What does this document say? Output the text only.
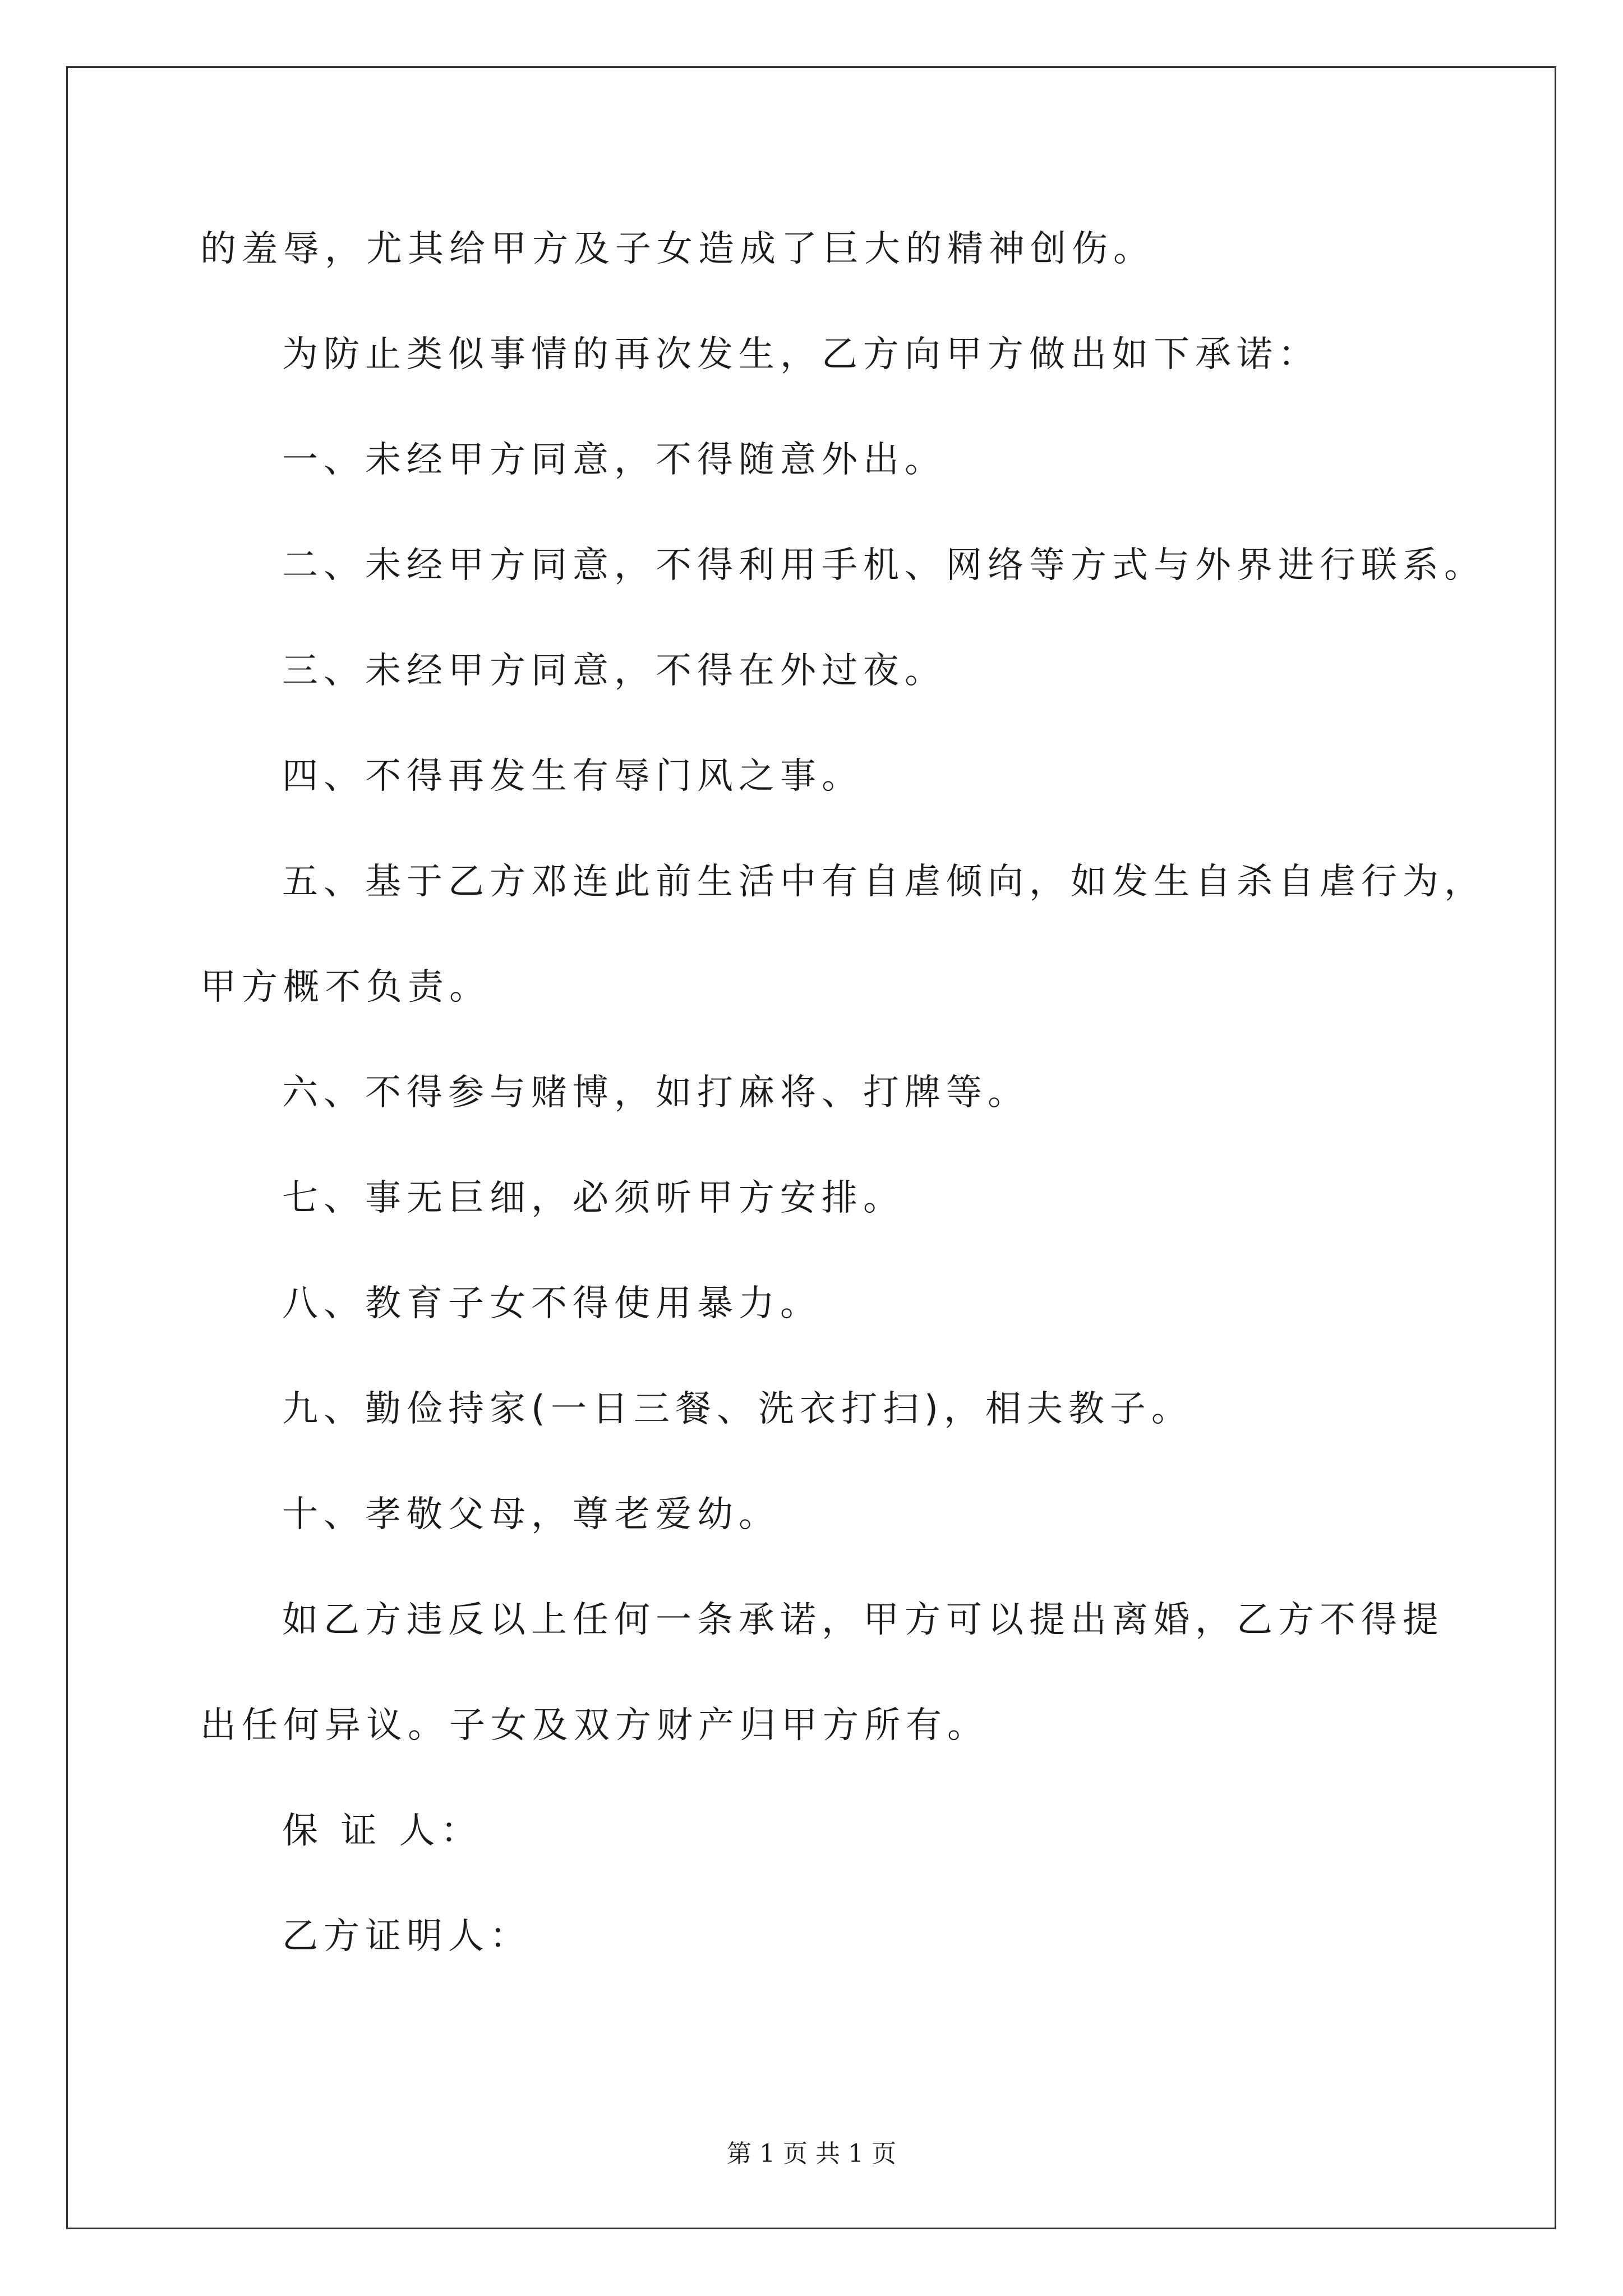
的羞辱，尤其给甲方及子女造成了巨大的精神创伤。
为防止类似事情的再次发生，乙方向甲方做出如下承诺：
一、未经甲方同意，不得随意外出。
二、未经甲方同意，不得利用手机、网络等方式与外界进行联系。
三、未经甲方同意，不得在外过夜。
四、不得再发生有辱门风之事。
五、基于乙方邓连此前生活中有自虐倾向，如发生自杀自虐行为，
甲方概不负责。
六、不得参与赌博，如打麻将、打牌等。
七、事无巨细，必须听甲方安排。
八、教育子女不得使用暴力。
九、勤俭持家(一日三餐、洗衣打扫)，相夫教子。
十、孝敬父母，尊老爱幼。
如乙方违反以上任何一条承诺，甲方可以提出离婚，乙方不得提
出任何异议。子女及双方财产归甲方所有。
保 证 人：
乙方证明人：
第 1 页 共 1 页
